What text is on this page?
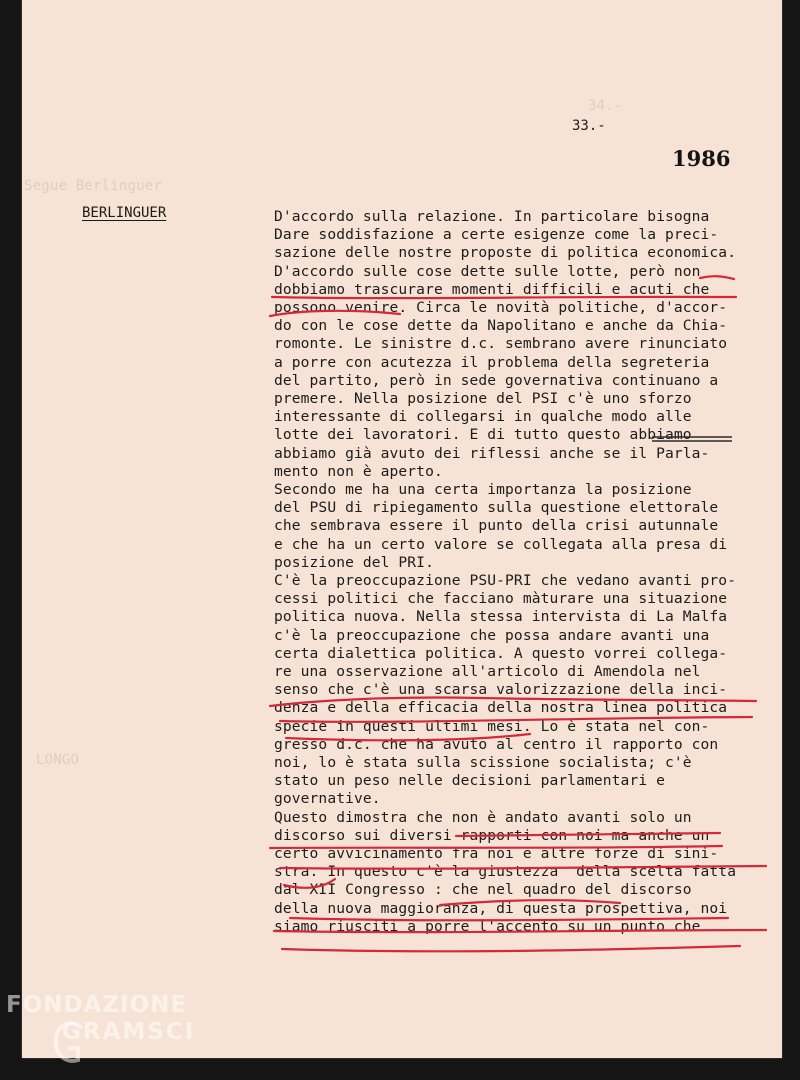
Segue Berlinguer
LONGO
34.-
33.-
1986
BERLINGUER	D'accordo sulla relazione. In particolare bisogna
Dare soddisfazione a certe esigenze come la preci-
sazione delle nostre proposte di politica economica.
D'accordo sulle cose dette sulle lotte, però non
dobbiamo trascurare momenti difficili e acuti che
possono venire. Circa le novità politiche, d'accor-
do con le cose dette da Napolitano e anche da Chia-
romonte. Le sinistre d.c. sembrano avere rinunciato
a porre con acutezza il problema della segreteria
del partito, però in sede governativa continuano a
premere. Nella posizione del PSI c'è uno sforzo
interessante di collegarsi in qualche modo alle
lotte dei lavoratori. E di tutto questo abbiamo
abbiamo già avuto dei riflessi anche se il Parla-
mento non è aperto.
Secondo me ha una certa importanza la posizione
del PSU di ripiegamento sulla questione elettorale
che sembrava essere il punto della crisi autunnale
e che ha un certo valore se collegata alla presa di
posizione del PRI.
C'è la preoccupazione PSU-PRI che vedano avanti pro-
cessi politici che facciano màturare una situazione
politica nuova. Nella stessa intervista di La Malfa
c'è la preoccupazione che possa andare avanti una
certa dialettica politica. A questo vorrei collega-
re una osservazione all'articolo di Amendola nel
senso che c'è una scarsa valorizzazione della inci-
denza e della efficacia della nostra linea politica
specie in questi ultimi mesi. Lo è stata nel con-
gresso d.c. che ha avuto al centro il rapporto con
noi, lo è stata sulla scissione socialista; c'è
stato un peso nelle decisioni parlamentari e
governative.
Questo dimostra che non è andato avanti solo un
discorso sui diversi rapporti con noi ma anche un
certo avvicinamento fra noi e altre forze di sini-
stra. In questo c'è la giustezza  della scelta fatta
dal XII Congresso : che nel quadro del discorso
della nuova maggioranza, di questa prospettiva, noi
siamo riusciti a porre l'accento su un punto che
FONDAZIONE
GRAMSCI
